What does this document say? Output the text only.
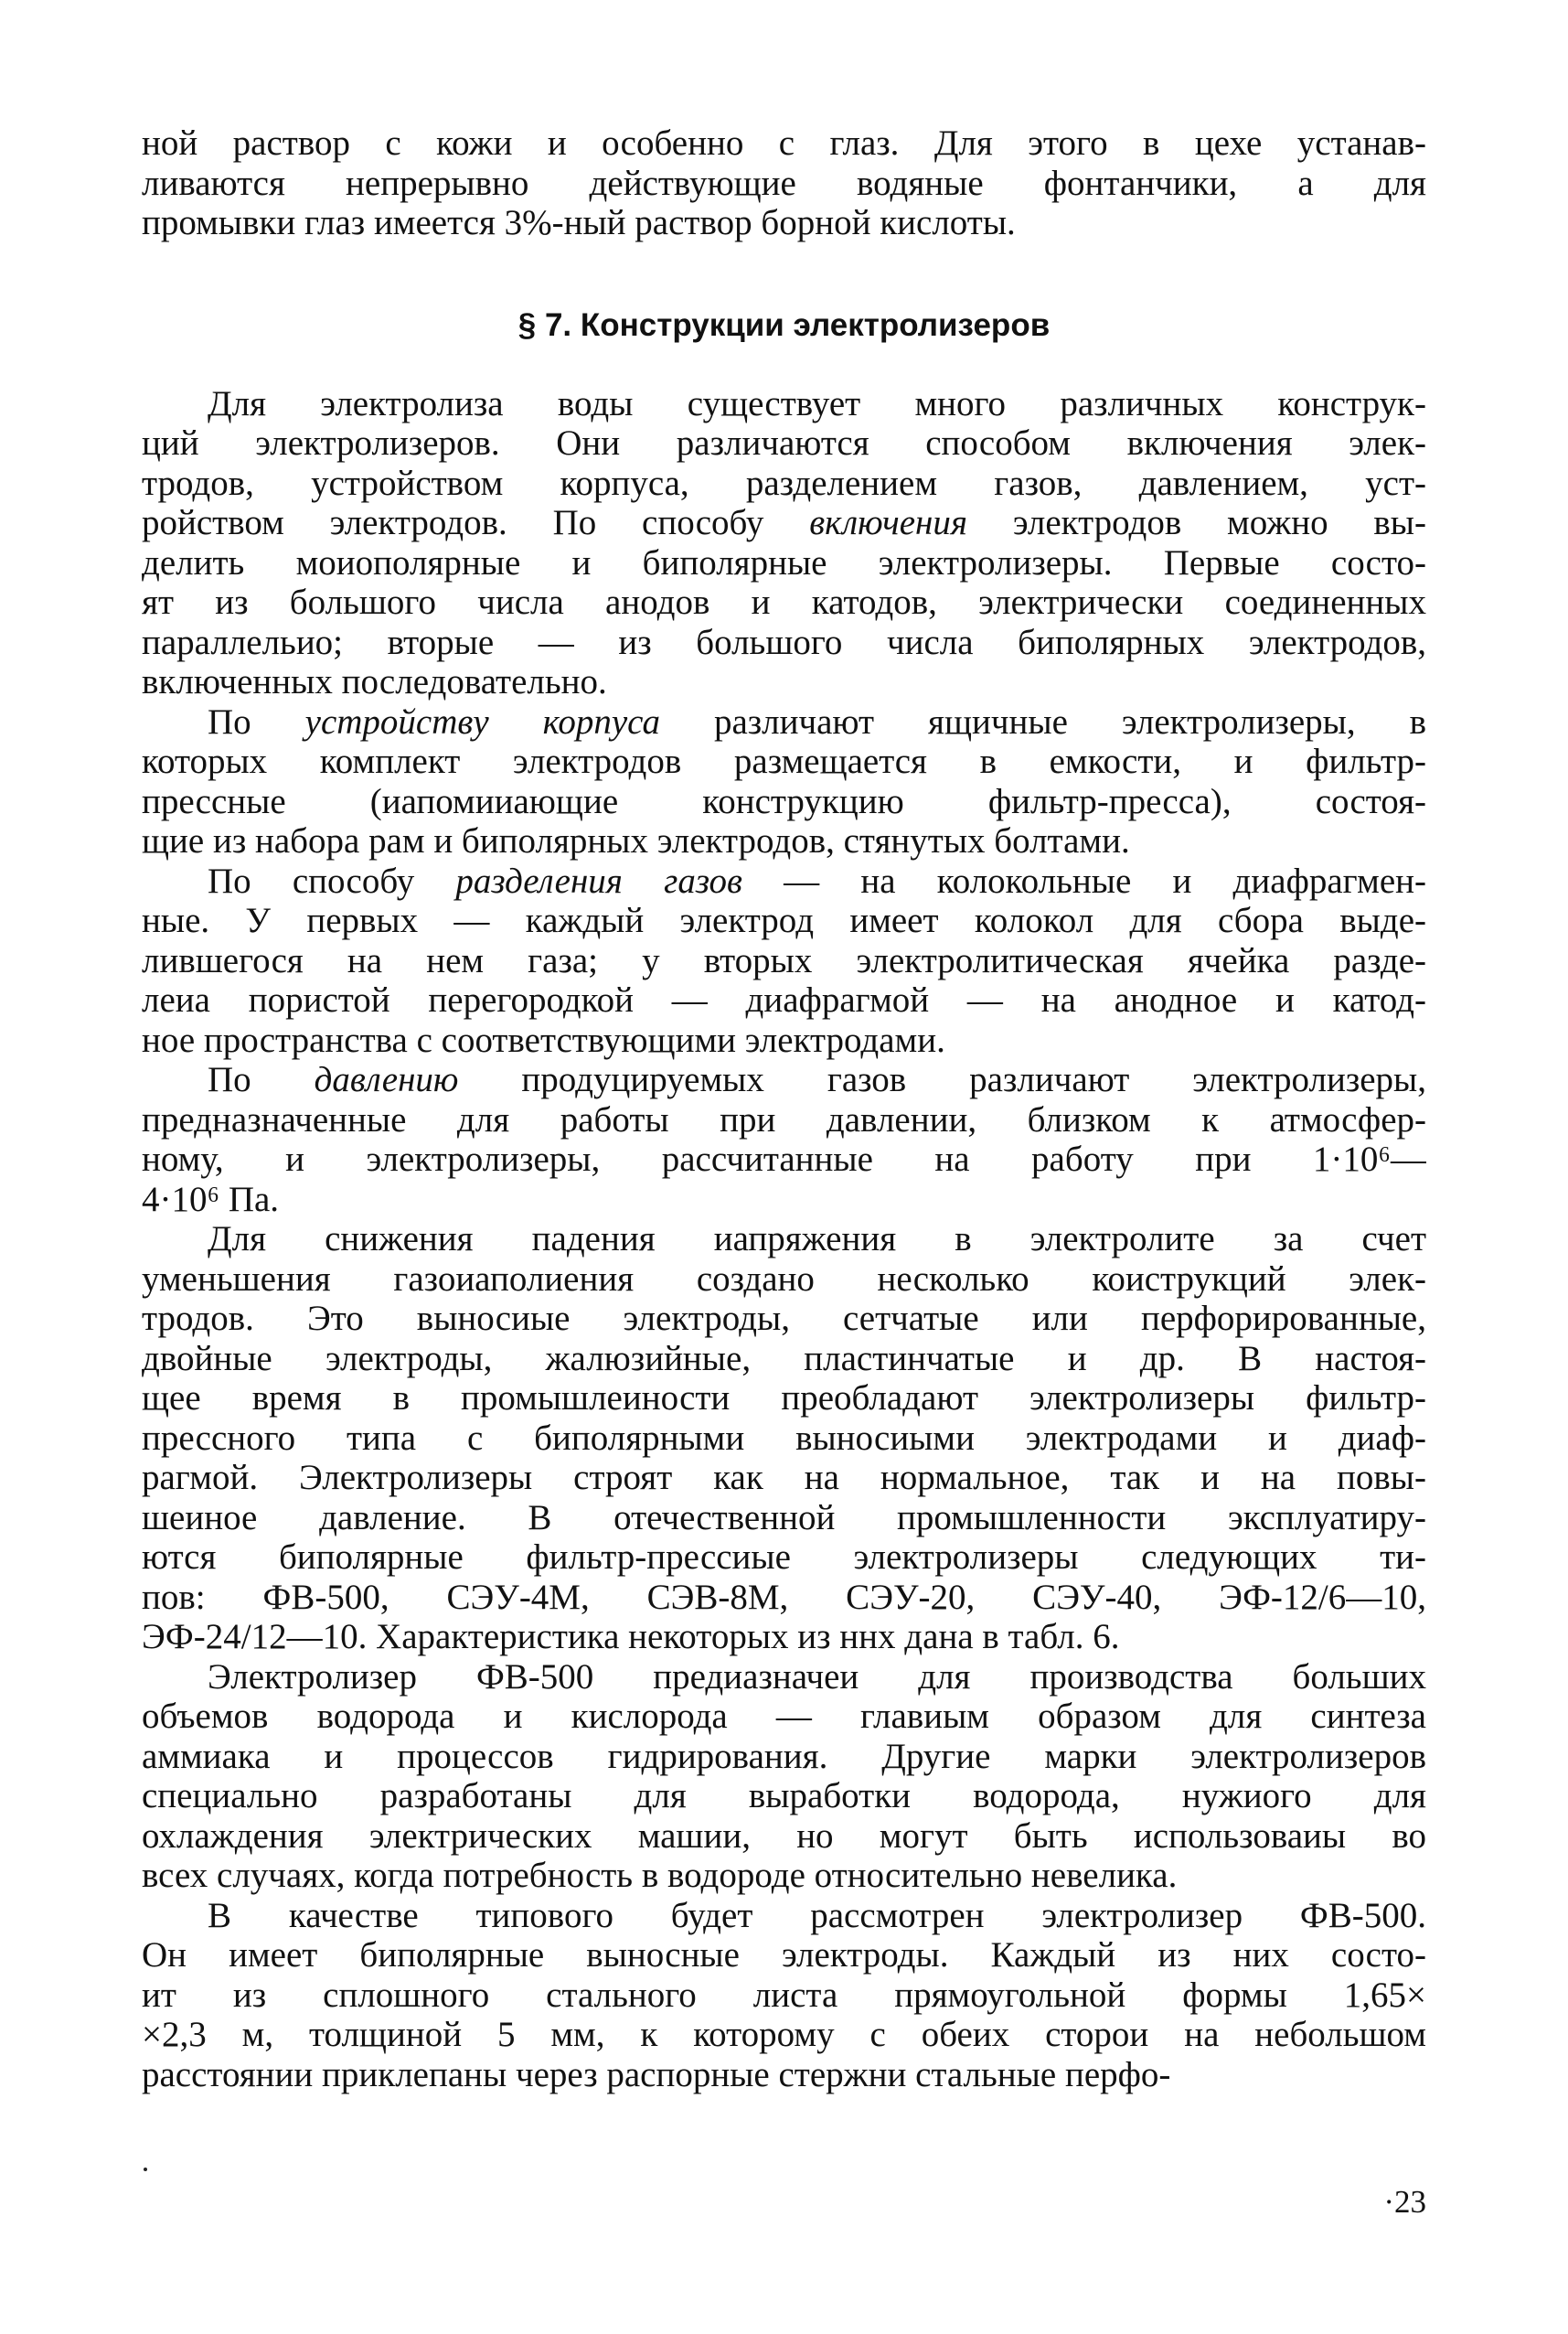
ной раствор с кожи и особенно с глаз. Для этого в цехе устанав-
ливаются непрерывно действующие водяные фонтанчики, а для
промывки глаз имеется 3%-ный раствор борной кислоты.
§ 7. Конструкции электролизеров
Для электролиза воды существует много различных конструк-
ций электролизеров. Они различаются способом включения элек-
тродов, устройством корпуса, разделением газов, давлением, уст-
ройством электродов. По способу включения электродов можно вы-
делить моиополярные и биполярные электролизеры. Первые состо-
ят из большого числа анодов и катодов, электрически соединенных
параллельио; вторые — из большого числа биполярных электродов,
включенных последовательно.
По устройству корпуса различают ящичные электролизеры, в
которых комплект электродов размещается в емкости, и фильтр-
прессные (иапомииающие конструкцию фильтр-пресса), состоя-
щие из набора рам и биполярных электродов, стянутых болтами.
По способу разделения газов — на колокольные и диафрагмен-
ные. У первых — каждый электрод имеет колокол для сбора выде-
лившегося на нем газа; у вторых электролитическая ячейка разде-
леиа пористой перегородкой — диафрагмой — на анодное и катод-
ное пространства с соответствующими электродами.
По давлению продуцируемых газов различают электролизеры,
предназначенные для работы при давлении, близком к атмосфер-
ному, и электролизеры, рассчитанные на работу при 1·10⁶—
4·10⁶ Па.
Для снижения падения иапряжения в электролите за счет
уменьшения газоиаполиения создано несколько коиструкций элек-
тродов. Это выносиые электроды, сетчатые или перфорированные,
двойные электроды, жалюзийные, пластинчатые и др. В настоя-
щее время в промышлеиности преобладают электролизеры фильтр-
прессного типа с биполярными выносиыми электродами и диаф-
рагмой. Электролизеры строят как на нормальное, так и на повы-
шеиное давление. В отечественной промышленности эксплуатиру-
ются биполярные фильтр-прессиые электролизеры следующих ти-
пов: ФВ-500, СЭУ-4М, СЭВ-8М, СЭУ-20, СЭУ-40, ЭФ-12/6—10,
ЭФ-24/12—10. Характеристика некоторых из ннх дана в табл. 6.
Электролизер ФВ-500 предиазначеи для производства больших
объемов водорода и кислорода — главиым образом для синтеза
аммиака и процессов гидрирования. Другие марки электролизеров
специально разработаны для выработки водорода, нужиого для
охлаждения электрических машии, но могут быть использоваиы во
всех случаях, когда потребность в водороде относительно невелика.
В качестве типового будет рассмотрен электролизер ФВ-500.
Он имеет биполярные выносные электроды. Каждый из них состо-
ит из сплошного стального листа прямоугольной формы 1,65×
×2,3 м, толщиной 5 мм, к которому с обеих сторои на небольшом
расстоянии приклепаны через распорные стержни стальные перфо-
·23
